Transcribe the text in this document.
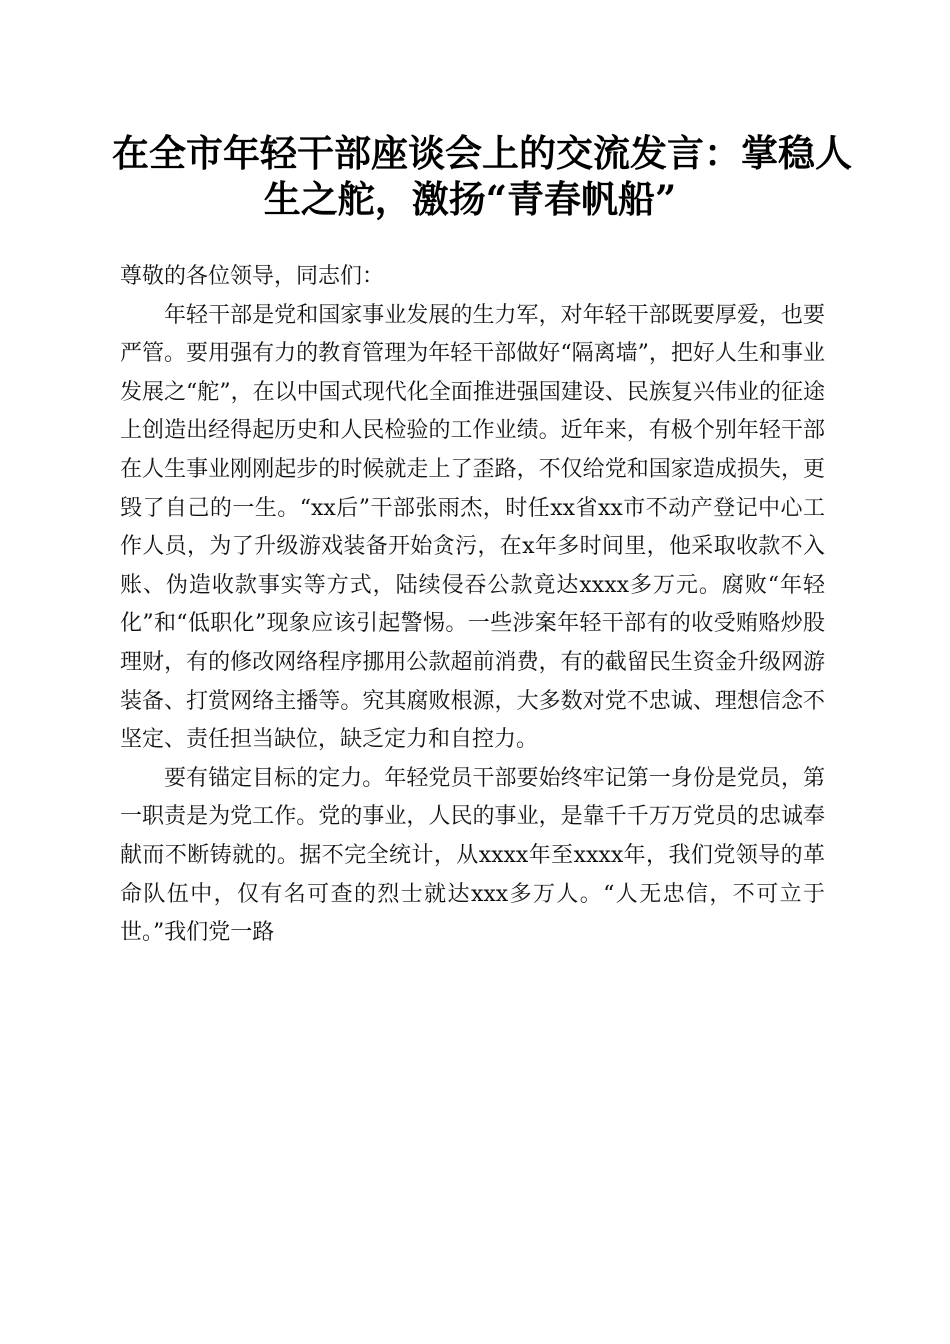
在全市年轻干部座谈会上的交流发言：掌稳人
生之舵，激扬“青春帆船”

尊敬的各位领导，同志们：

年轻干部是党和国家事业发展的生力军，对年轻干部既要厚爱，也要严管。要用强有力的教育管理为年轻干部做好“隔离墙”，把好人生和事业发展之“舵”，在以中国式现代化全面推进强国建设、民族复兴伟业的征途上创造出经得起历史和人民检验的工作业绩。近年来，有极个别年轻干部在人生事业刚刚起步的时候就走上了歪路，不仅给党和国家造成损失，更毁了自己的一生。“xx后”干部张雨杰，时任xx省xx市不动产登记中心工作人员，为了升级游戏装备开始贪污，在x年多时间里，他采取收款不入账、伪造收款事实等方式，陆续侵吞公款竟达xxxx多万元。腐败“年轻化”和“低职化”现象应该引起警惕。一些涉案年轻干部有的收受贿赂炒股理财，有的修改网络程序挪用公款超前消费，有的截留民生资金升级网游装备、打赏网络主播等。究其腐败根源，大多数对党不忠诚、理想信念不坚定、责任担当缺位，缺乏定力和自控力。

要有锚定目标的定力。年轻党员干部要始终牢记第一身份是党员，第一职责是为党工作。党的事业，人民的事业，是靠千千万万党员的忠诚奉献而不断铸就的。据不完全统计，从xxxx年至xxxx年，我们党领导的革命队伍中，仅有名可查的烈士就达xxx多万人。“人无忠信，不可立于世。”我们党一路
